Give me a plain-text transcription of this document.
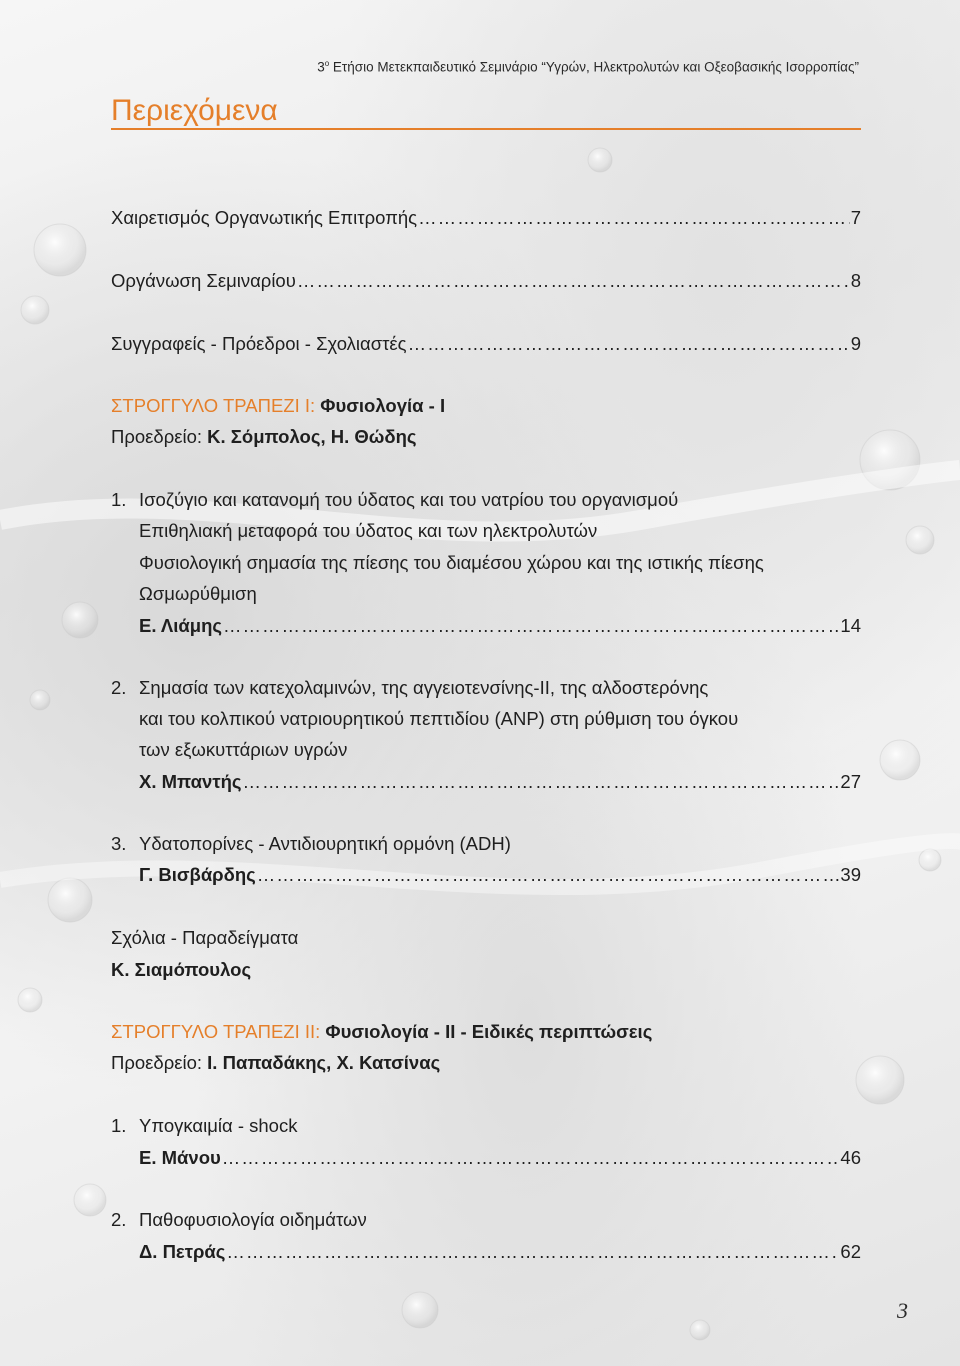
$3^o$ Ετήσιο Μετεκπαιδευτικό Σεμινάριο “Υγρών, Ηλεκτρολυτών και Οξεοβασικής Ισορροπίας”
Περιεχόμενα
Χαιρετισμός Οργανωτικής Επιτροπής …………………………………………………………………………………………………………………………………………………………	7
Οργάνωση Σεμιναρίου …………………………………………………………………………………………………………………………………………………………	8
Συγγραφείς - Πρόεδροι - Σχολιαστές …………………………………………………………………………………………………………………………………………………………	9
ΣΤΡΟΓΓΥΛΟ ΤΡΑΠΕΖΙ Ι: Φυσιολογία - Ι
Προεδρείο: Κ. Σόμπολος, Η. Θώδης
1. Ισοζύγιο και κατανομή του ύδατος και του νατρίου του οργανισμού
Επιθηλιακή μεταφορά του ύδατος και των ηλεκτρολυτών
Φυσιολογική σημασία της πίεσης του διαμέσου χώρου και της ιστικής πίεσης
Ωσμωρύθμιση
Ε. Λιάμης …………………………………………………………………………………………………………………………………………………………	14
2. Σημασία των κατεχολαμινών, της αγγειοτενσίνης-ΙΙ, της αλδοστερόνης
και του κολπικού νατριουρητικού πεπτιδίου (ΑΝΡ) στη ρύθμιση του όγκου
των εξωκυττάριων υγρών
Χ. Μπαντής …………………………………………………………………………………………………………………………………………………………	27
3. Υδατοπορίνες - Αντιδιουρητική ορμόνη (ADH)
Γ. Βισβάρδης …………………………………………………………………………………………………………………………………………………………	39
Σχόλια - Παραδείγματα
Κ. Σιαμόπουλος
ΣΤΡΟΓΓΥΛΟ ΤΡΑΠΕΖΙ ΙΙ: Φυσιολογία - ΙΙ - Ειδικές περιπτώσεις
Προεδρείο: Ι. Παπαδάκης, Χ. Κατσίνας
1. Υπογκαιμία - shock
Ε. Μάνου …………………………………………………………………………………………………………………………………………………………	46
2. Παθοφυσιολογία οιδημάτων
Δ. Πετράς …………………………………………………………………………………………………………………………………………………………	62
3
